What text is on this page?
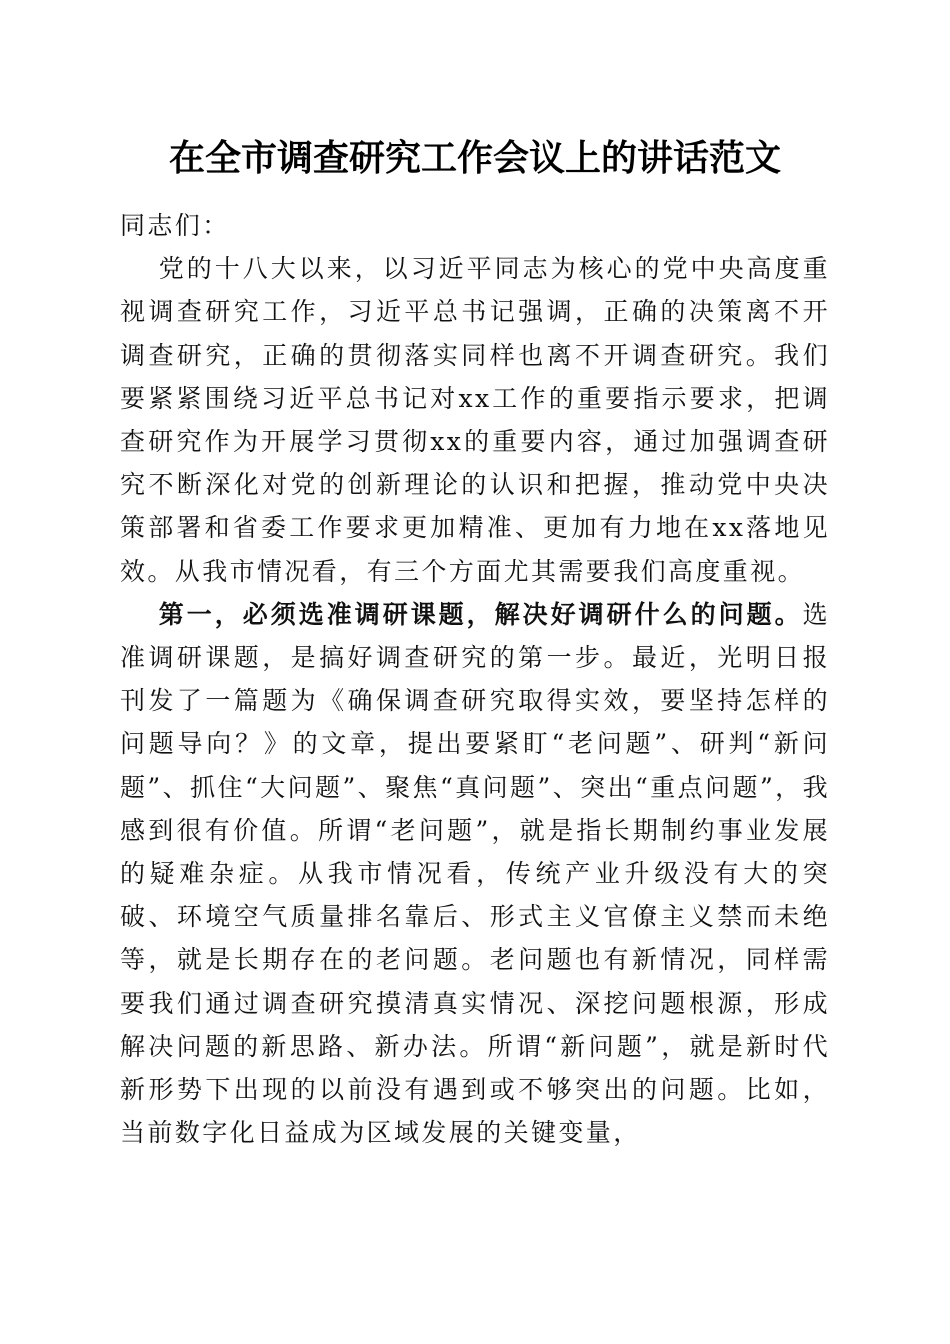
在全市调查研究工作会议上的讲话范文

同志们：

党的十八大以来，以习近平同志为核心的党中央高度重视调查研究工作，习近平总书记强调，正确的决策离不开调查研究，正确的贯彻落实同样也离不开调查研究。我们要紧紧围绕习近平总书记对xx工作的重要指示要求，把调查研究作为开展学习贯彻xx的重要内容，通过加强调查研究不断深化对党的创新理论的认识和把握，推动党中央决策部署和省委工作要求更加精准、更加有力地在xx落地见效。从我市情况看，有三个方面尤其需要我们高度重视。

第一，必须选准调研课题，解决好调研什么的问题。选准调研课题，是搞好调查研究的第一步。最近，光明日报刊发了一篇题为《确保调查研究取得实效，要坚持怎样的问题导向？》的文章，提出要紧盯“老问题”、研判“新问题”、抓住“大问题”、聚焦“真问题”、突出“重点问题”，我感到很有价值。所谓“老问题”，就是指长期制约事业发展的疑难杂症。从我市情况看，传统产业升级没有大的突破、环境空气质量排名靠后、形式主义官僚主义禁而未绝等，就是长期存在的老问题。老问题也有新情况，同样需要我们通过调查研究摸清真实情况、深挖问题根源，形成解决问题的新思路、新办法。所谓“新问题”，就是新时代新形势下出现的以前没有遇到或不够突出的问题。比如，当前数字化日益成为区域发展的关键变量，
